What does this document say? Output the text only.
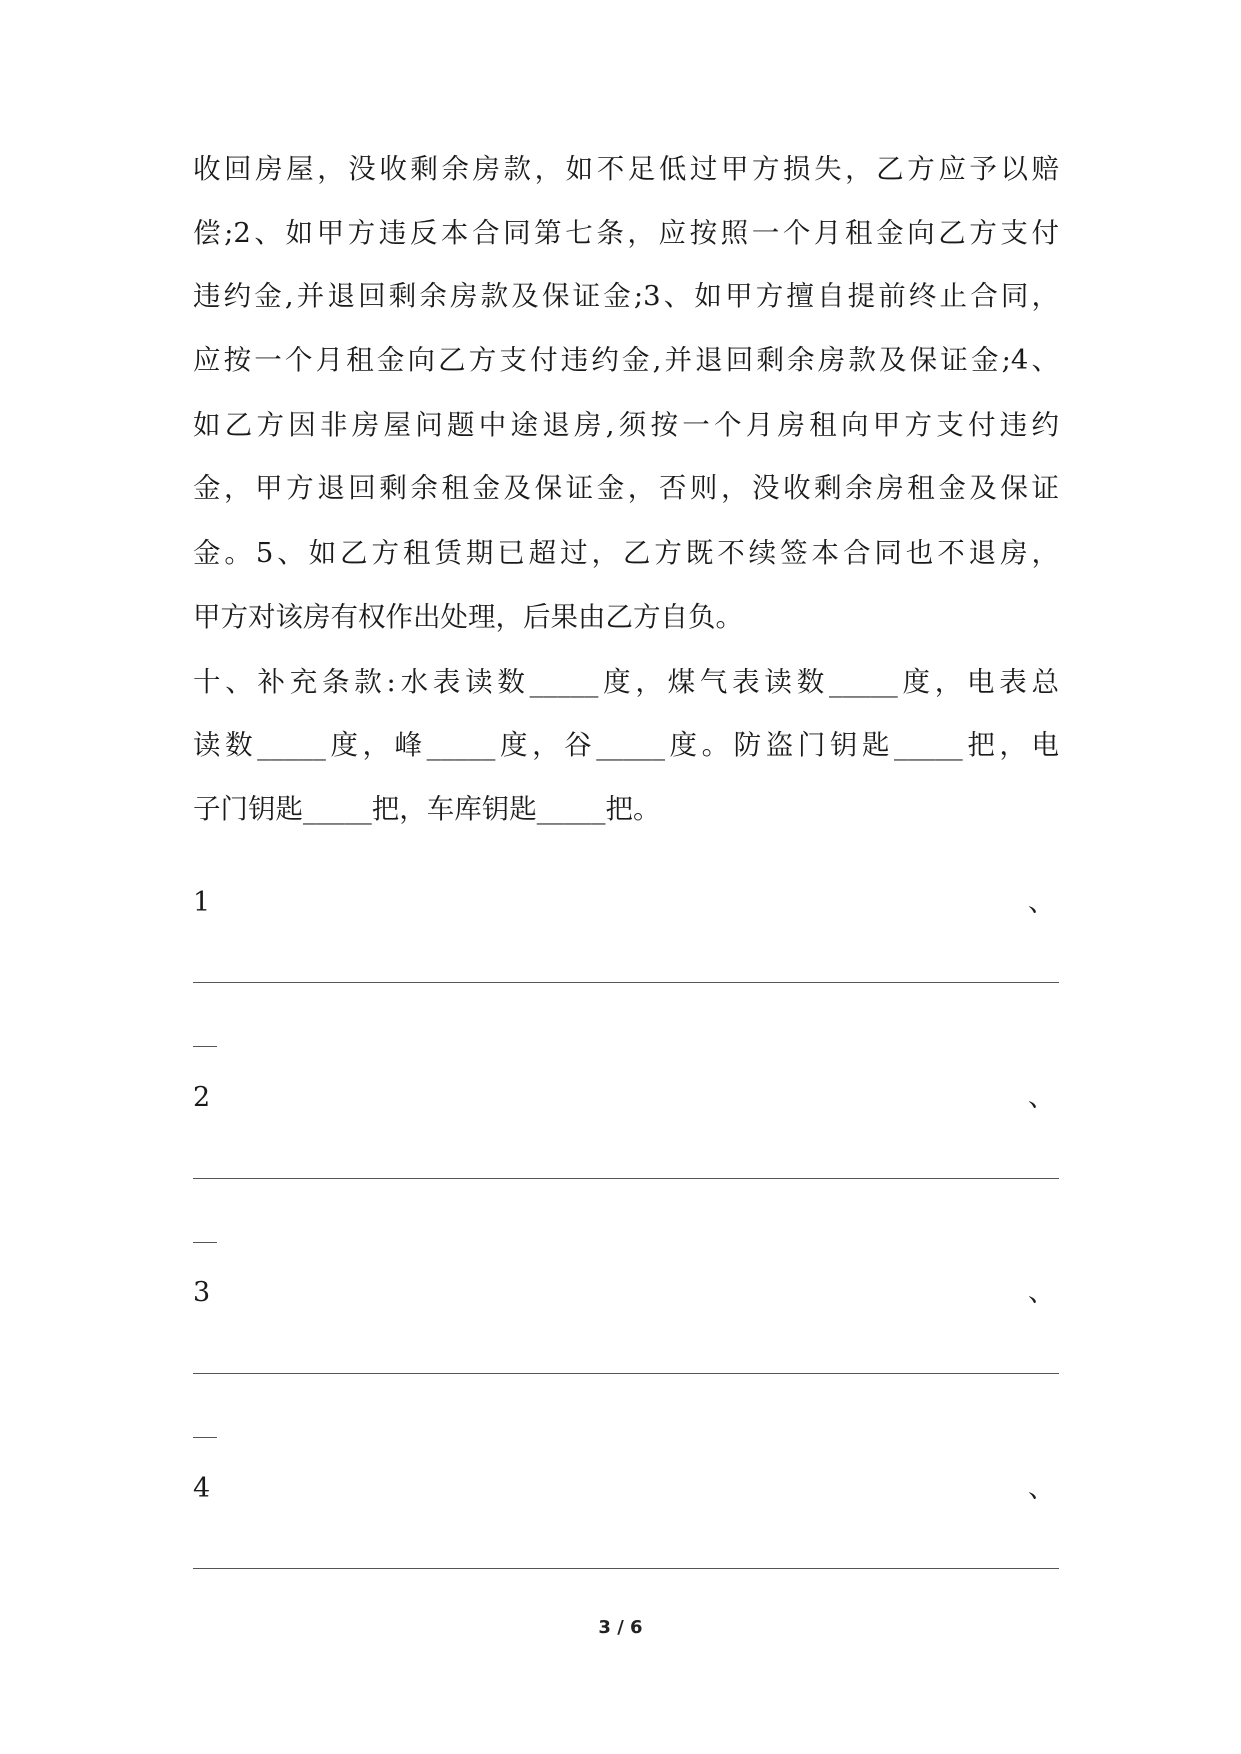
收回房屋，没收剩余房款，如不足低过甲方损失，乙方应予以赔
偿;2、如甲方违反本合同第七条，应按照一个月租金向乙方支付
违约金,并退回剩余房款及保证金;3、如甲方擅自提前终止合同，
应按一个月租金向乙方支付违约金,并退回剩余房款及保证金;4、
如乙方因非房屋问题中途退房,须按一个月房租向甲方支付违约
金，甲方退回剩余租金及保证金，否则，没收剩余房租金及保证
金。5、如乙方租赁期已超过，乙方既不续签本合同也不退房，
甲方对该房有权作出处理，后果由乙方自负。
十、补充条款:水表读数_____度，煤气表读数_____度，电表总
读数_____度，峰_____度，谷_____度。防盗门钥匙_____把，电
子门钥匙_____把，车库钥匙_____把。
1	、
2	、
3	、
4	、
3 / 6
